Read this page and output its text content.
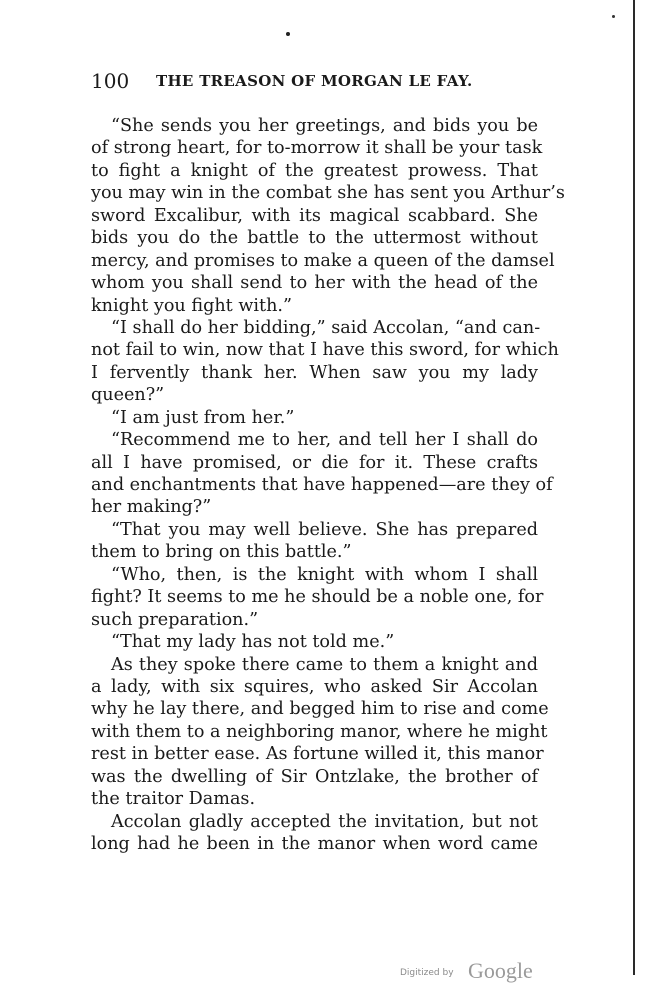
100 THE TREASON OF MORGAN LE FAY.
“She sends you her greetings, and bids you be
of strong heart, for to-morrow it shall be your task
to fight a knight of the greatest prowess. That
you may win in the combat she has sent you Arthur’s
sword Excalibur, with its magical scabbard. She
bids you do the battle to the uttermost without
mercy, and promises to make a queen of the damsel
whom you shall send to her with the head of the
knight you fight with.”
“I shall do her bidding,” said Accolan, “and can-
not fail to win, now that I have this sword, for which
I fervently thank her. When saw you my lady
queen?”
“I am just from her.”
“Recommend me to her, and tell her I shall do
all I have promised, or die for it. These crafts
and enchantments that have happened—are they of
her making?”
“That you may well believe. She has prepared
them to bring on this battle.”
“Who, then, is the knight with whom I shall
fight? It seems to me he should be a noble one, for
such preparation.”
“That my lady has not told me.”
As they spoke there came to them a knight and
a lady, with six squires, who asked Sir Accolan
why he lay there, and begged him to rise and come
with them to a neighboring manor, where he might
rest in better ease. As fortune willed it, this manor
was the dwelling of Sir Ontzlake, the brother of
the traitor Damas.
Accolan gladly accepted the invitation, but not
long had he been in the manor when word came
Digitized by Google
